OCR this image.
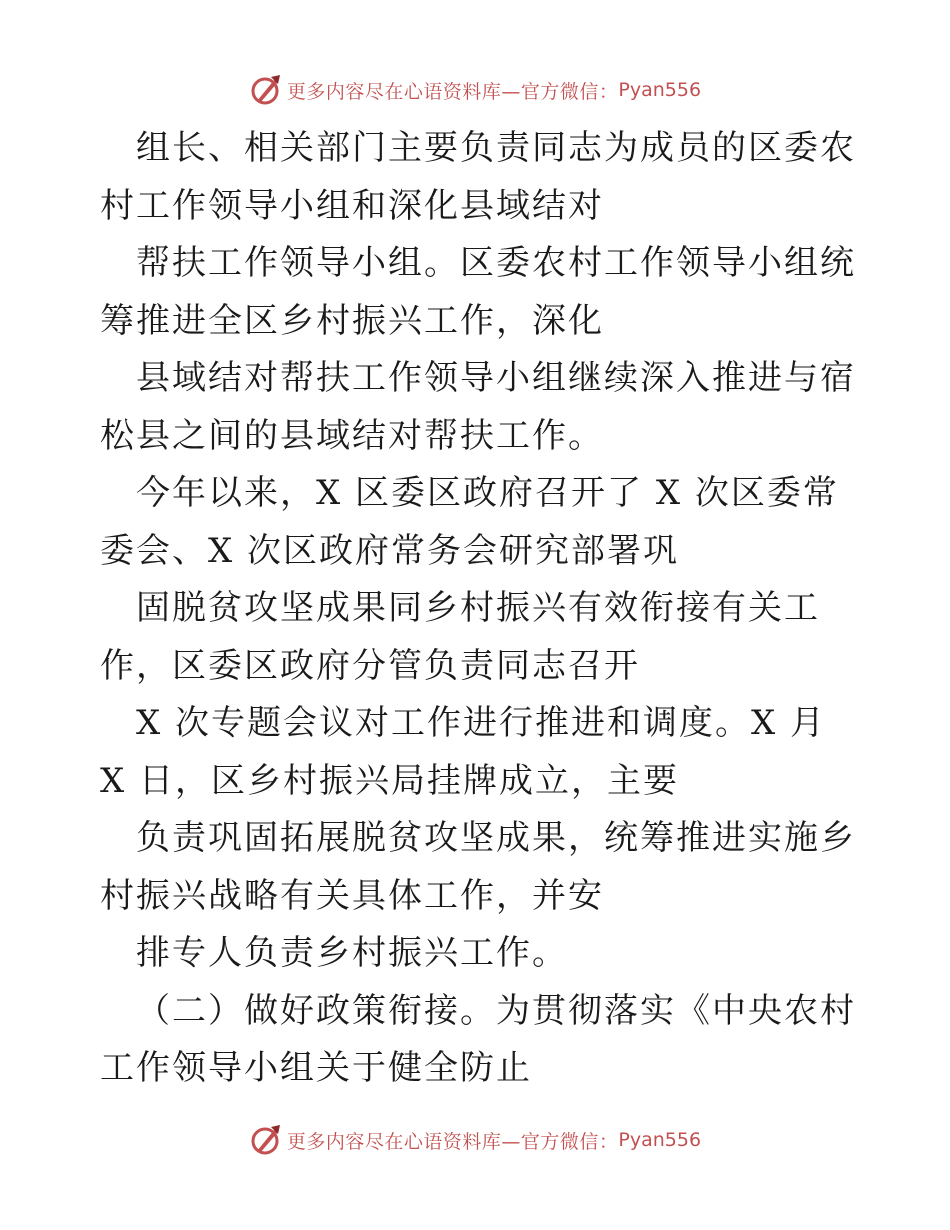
更多内容尽在心语资料库—官方微信： Pyan556

组长、相关部门主要负责同志为成员的区委农村工作领导小组和深化县域结对

帮扶工作领导小组。区委农村工作领导小组统筹推进全区乡村振兴工作，深化

县域结对帮扶工作领导小组继续深入推进与宿松县之间的县域结对帮扶工作。

今年以来，X 区委区政府召开了 X 次区委常委会、X 次区政府常务会研究部署巩

固脱贫攻坚成果同乡村振兴有效衔接有关工作，区委区政府分管负责同志召开

X 次专题会议对工作进行推进和调度。X 月 X 日，区乡村振兴局挂牌成立，主要

负责巩固拓展脱贫攻坚成果，统筹推进实施乡村振兴战略有关具体工作，并安

排专人负责乡村振兴工作。

（二）做好政策衔接。为贯彻落实《中央农村工作领导小组关于健全防止

更多内容尽在心语资料库—官方微信： Pyan556
